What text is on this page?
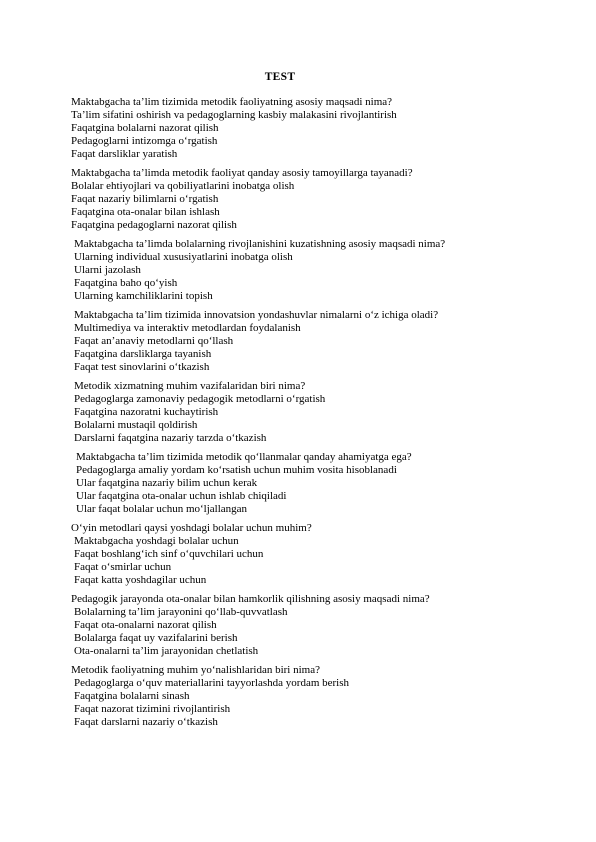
TEST
Maktabgacha ta’lim tizimida metodik faoliyatning asosiy maqsadi nima?
Ta’lim sifatini oshirish va pedagoglarning kasbiy malakasini rivojlantirish
Faqatgina bolalarni nazorat qilish
Pedagoglarni intizomga o‘rgatish
Faqat darsliklar yaratish
Maktabgacha ta’limda metodik faoliyat qanday asosiy tamoyillarga tayanadi?
Bolalar ehtiyojlari va qobiliyatlarini inobatga olish
Faqat nazariy bilimlarni o‘rgatish
Faqatgina ota-onalar bilan ishlash
Faqatgina pedagoglarni nazorat qilish
Maktabgacha ta’limda bolalarning rivojlanishini kuzatishning asosiy maqsadi nima?
Ularning individual xususiyatlarini inobatga olish
Ularni jazolash
Faqatgina baho qo‘yish
Ularning kamchiliklarini topish
Maktabgacha ta’lim tizimida innovatsion yondashuvlar nimalarni o‘z ichiga oladi?
Multimediya va interaktiv metodlardan foydalanish
Faqat an’anaviy metodlarni qo‘llash
Faqatgina darsliklarga tayanish
Faqat test sinovlarini o‘tkazish
Metodik xizmatning muhim vazifalaridan biri nima?
Pedagoglarga zamonaviy pedagogik metodlarni o‘rgatish
Faqatgina nazoratni kuchaytirish
Bolalarni mustaqil qoldirish
Darslarni faqatgina nazariy tarzda o‘tkazish
Maktabgacha ta’lim tizimida metodik qo‘llanmalar qanday ahamiyatga ega?
Pedagoglarga amaliy yordam ko‘rsatish uchun muhim vosita hisoblanadi
Ular faqatgina nazariy bilim uchun kerak
Ular faqatgina ota-onalar uchun ishlab chiqiladi
Ular faqat bolalar uchun mo‘ljallangan
O‘yin metodlari qaysi yoshdagi bolalar uchun muhim?
Maktabgacha yoshdagi bolalar uchun
Faqat boshlang‘ich sinf o‘quvchilari uchun
Faqat o‘smirlar uchun
Faqat katta yoshdagilar uchun
Pedagogik jarayonda ota-onalar bilan hamkorlik qilishning asosiy maqsadi nima?
Bolalarning ta’lim jarayonini qo‘llab-quvvatlash
Faqat ota-onalarni nazorat qilish
Bolalarga faqat uy vazifalarini berish
Ota-onalarni ta’lim jarayonidan chetlatish
Metodik faoliyatning muhim yo‘nalishlaridan biri nima?
Pedagoglarga o‘quv materiallarini tayyorlashda yordam berish
Faqatgina bolalarni sinash
Faqat nazorat tizimini rivojlantirish
Faqat darslarni nazariy o‘tkazish
